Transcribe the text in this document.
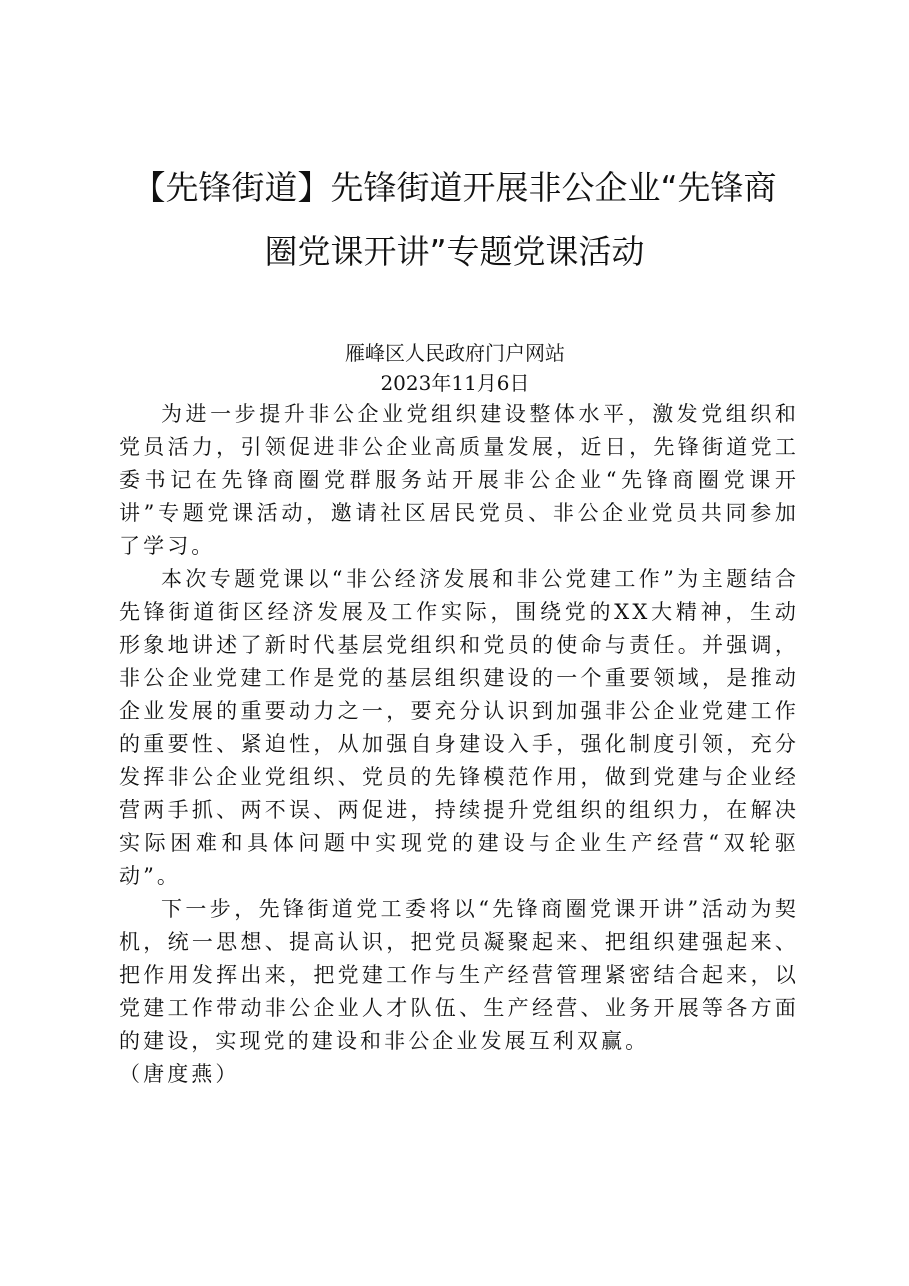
【先锋街道】先锋街道开展非公企业“先锋商
圈党课开讲”专题党课活动
雁峰区人民政府门户网站
2023年11月6日

为进一步提升非公企业党组织建设整体水平，激发党组织和党员活力，引领促进非公企业高质量发展，近日，先锋街道党工委书记在先锋商圈党群服务站开展非公企业“先锋商圈党课开讲”专题党课活动，邀请社区居民党员、非公企业党员共同参加了学习。

本次专题党课以“非公经济发展和非公党建工作”为主题结合先锋街道街区经济发展及工作实际，围绕党的XX大精神，生动形象地讲述了新时代基层党组织和党员的使命与责任。并强调，非公企业党建工作是党的基层组织建设的一个重要领域，是推动企业发展的重要动力之一，要充分认识到加强非公企业党建工作的重要性、紧迫性，从加强自身建设入手，强化制度引领，充分发挥非公企业党组织、党员的先锋模范作用，做到党建与企业经营两手抓、两不误、两促进，持续提升党组织的组织力，在解决实际困难和具体问题中实现党的建设与企业生产经营“双轮驱动”。

下一步，先锋街道党工委将以“先锋商圈党课开讲”活动为契机，统一思想、提高认识，把党员凝聚起来、把组织建强起来、把作用发挥出来，把党建工作与生产经营管理紧密结合起来，以党建工作带动非公企业人才队伍、生产经营、业务开展等各方面的建设，实现党的建设和非公企业发展互利双赢。

（唐度燕）
